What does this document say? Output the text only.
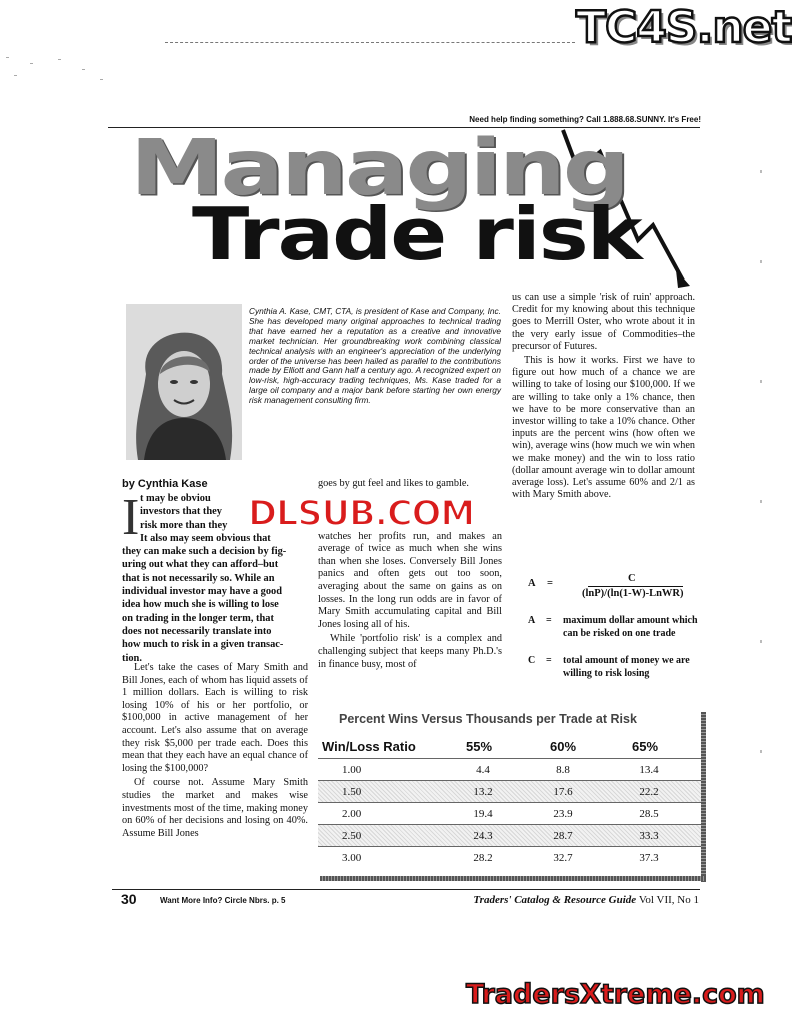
TC4S.net
Need help finding something? Call 1.888.68.SUNNY. It's Free!
Managing
Trade risk
Cynthia A. Kase, CMT, CTA, is president of Kase and Company, Inc. She has developed many original approaches to technical trading that have earned her a reputation as a creative and innovative market technician. Her groundbreaking work combining classical technical analysis with an engineer's appreciation of the underlying order of the universe has been hailed as parallel to the contributions made by Elliott and Gann half a century ago. A recognized expert on low-risk, high-accuracy trading techniques, Ms. Kase traded for a large oil company and a major bank before starting her own energy risk management consulting firm.
by Cynthia Kase
I t may be obviou
investors that they
risk more than they
It also may seem obvious that
they can make such a decision by fig-
uring out what they can afford–but
that is not necessarily so. While an
individual investor may have a good
idea how much she is willing to lose
on trading in the longer term, that
does not necessarily translate into
how much to risk in a given transac-
tion.

Let's take the cases of Mary Smith and Bill Jones, each of whom has liquid assets of 1 million dollars. Each is willing to risk losing 10% of his or her portfolio, or $100,000 in active management of her account. Let's also assume that on average they risk $5,000 per trade each. Does this mean that they each have an equal chance of losing the $100,000?

Of course not. Assume Mary Smith studies the market and makes wise investments most of the time, making money on 60% of her decisions and losing on 40%. Assume Bill Jones

goes by gut feel and likes to gamble.

watches her profits run, and makes an average of twice as much when she wins than when she loses. Conversely Bill Jones panics and often gets out too soon, averaging about the same on gains as on losses. In the long run odds are in favor of Mary Smith accumulating capital and Bill Jones losing all of his.

While 'portfolio risk' is a complex and challenging subject that keeps many Ph.D.'s in finance busy, most of

us can use a simple 'risk of ruin' approach. Credit for my knowing about this technique goes to Merrill Oster, who wrote about it in the very early issue of Commodities–the precursor of Futures.

This is how it works. First we have to figure out how much of a chance we are willing to take of losing our $100,000. If we are willing to take only a 1% chance, then we have to be more conservative than an investor willing to take a 10% chance. Other inputs are the percent wins (how often we win), average wins (how much we win when we make money) and the win to loss ratio (dollar amount average win to dollar amount average loss). Let's assume 60% and 2/1 as with Mary Smith above.

A =	C
(lnP)/(ln(1-W)-LnWR)
A = maximum dollar amount which can be risked on one trade
C = total amount of money we are willing to risk losing
Percent Wins Versus Thousands per Trade at Risk
Win/Loss Ratio	55%	60%	65%
1.00	4.4	8.8	13.4
1.50	13.2	17.6	22.2
2.00	19.4	23.9	28.5
2.50	24.3	28.7	33.3
3.00	28.2	32.7	37.3
DLSUB.COM
30	Want More Info? Circle Nbrs. p. 5	Traders' Catalog & Resource Guide Vol VII, No 1
TradersXtreme.com
